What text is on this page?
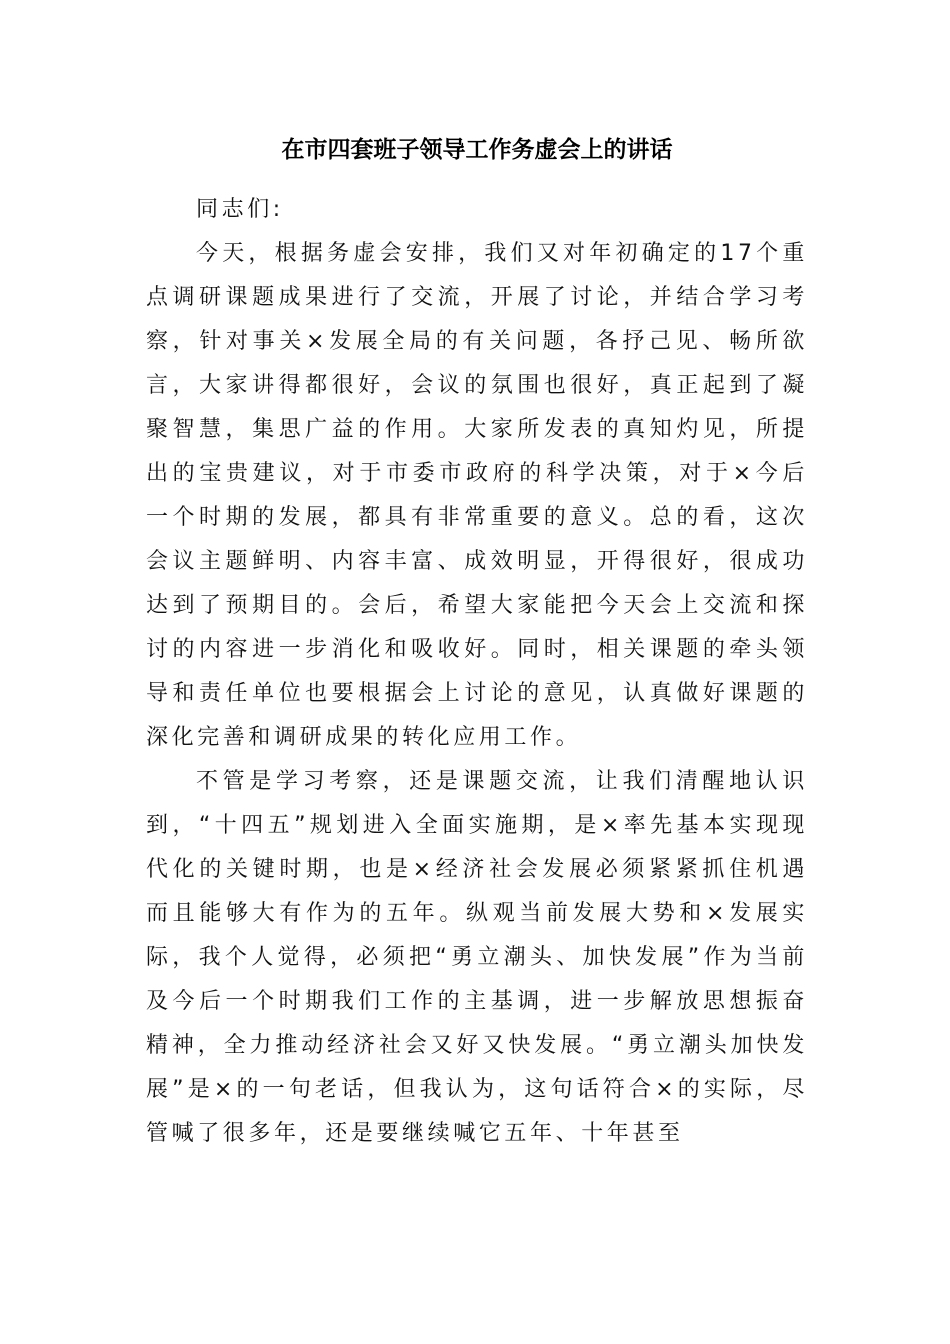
在市四套班子领导工作务虚会上的讲话

同志们:

今天，根据务虚会安排，我们又对年初确定的17个重点调研课题成果进行了交流，开展了讨论，并结合学习考察，针对事关×发展全局的有关问题，各抒己见、畅所欲言，大家讲得都很好，会议的氛围也很好，真正起到了凝聚智慧，集思广益的作用。大家所发表的真知灼见，所提出的宝贵建议，对于市委市政府的科学决策，对于×今后一个时期的发展，都具有非常重要的意义。总的看，这次会议主题鲜明、内容丰富、成效明显，开得很好，很成功达到了预期目的。会后，希望大家能把今天会上交流和探讨的内容进一步消化和吸收好。同时，相关课题的牵头领导和责任单位也要根据会上讨论的意见，认真做好课题的深化完善和调研成果的转化应用工作。

不管是学习考察，还是课题交流，让我们清醒地认识到，“十四五”规划进入全面实施期，是×率先基本实现现代化的关键时期，也是×经济社会发展必须紧紧抓住机遇而且能够大有作为的五年。纵观当前发展大势和×发展实际，我个人觉得，必须把“勇立潮头、加快发展”作为当前及今后一个时期我们工作的主基调，进一步解放思想振奋精神，全力推动经济社会又好又快发展。“勇立潮头加快发展”是×的一句老话，但我认为，这句话符合×的实际，尽管喊了很多年，还是要继续喊它五年、十年甚至
